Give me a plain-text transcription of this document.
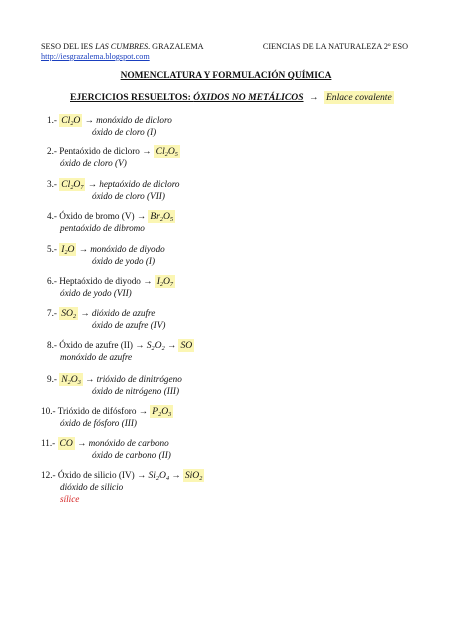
SESO DEL IES LAS CUMBRES. GRAZALEMA
http://iesgrazalema.blogspot.com
CIENCIAS DE LA NATURALEZA 2º ESO
NOMENCLATURA Y FORMULACIÓN QUÍMICA
EJERCICIOS RESUELTOS: ÓXIDOS NO METÁLICOS → Enlace covalente
1.- $Cl_2O$ → monóxido de dicloro
óxido de cloro (I)
2.- Pentaóxido de dicloro → $Cl_2O_5$
óxido de cloro (V)
3.- $Cl_2O_7$ → heptaóxido de dicloro
óxido de cloro (VII)
4.- Óxido de bromo $(V) \to Br_2O_5$
pentaóxido de dibromo
5.- $I_2O$ → monóxido de diyodo
óxido de yodo (I)
6.- Heptaóxido de diyodo → $I_2O_7$
óxido de yodo (VII)
7.- $SO_2$ → dióxido de azufre
óxido de azufre (IV)
8.- Óxido de azufre $(II) \to S_2O_2$ → SO
monóxido de azufre
9.- $N_2O_3$ → trióxido de dinitrógeno
óxido de nitrógeno (III)
10.- Trióxido de difósforo → $P_2O_3$
óxido de fósforo (III)
11.- CO → monóxido de carbono
óxido de carbono (II)
12.- Óxido de silicio $(IV) \to Si_2O_4 \to SiO_2$
dióxido de silicio
sílice
